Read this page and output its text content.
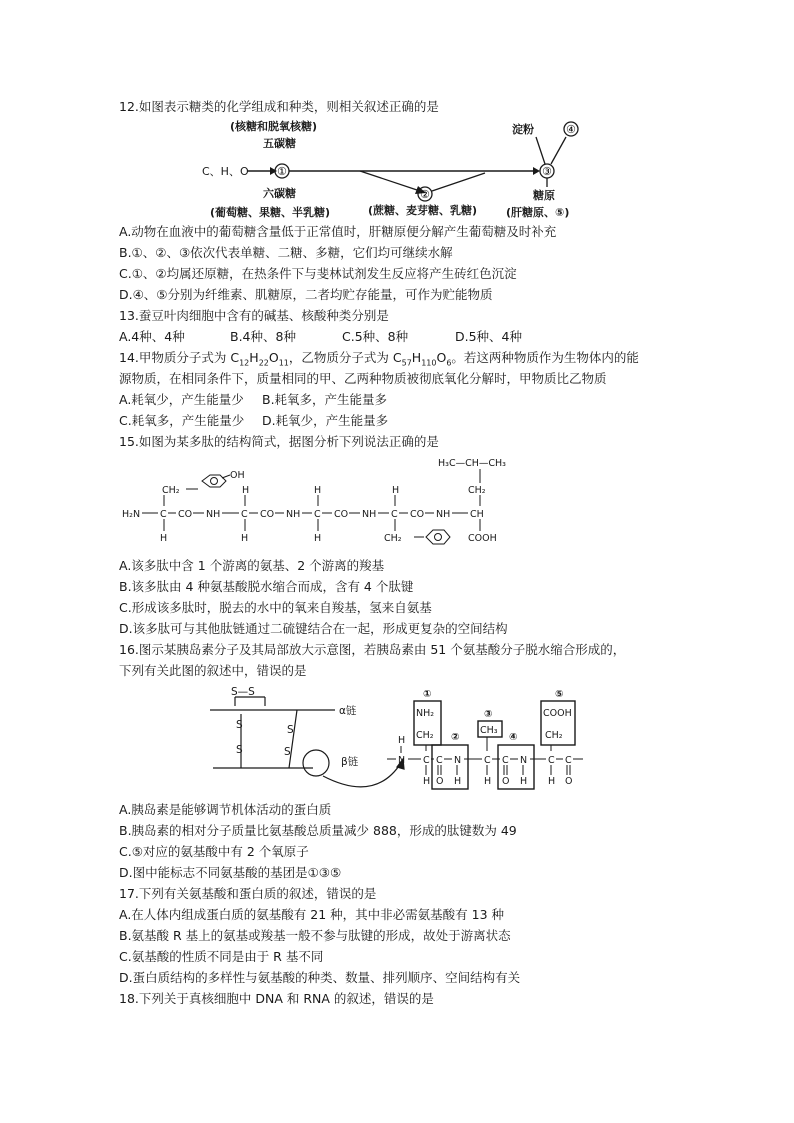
12.如图表示糖类的化学组成和种类，则相关叙述正确的是
(核糖和脱氧核糖)
五碳糖
C、H、O
六碳糖
(葡萄糖、果糖、半乳糖)	(蔗糖、麦芽糖、乳糖)
淀粉
糖原
(肝糖原、⑤)
①
②
③
④
A.动物在血液中的葡萄糖含量低于正常值时，肝糖原便分解产生葡萄糖及时补充
B.①、②、③依次代表单糖、二糖、多糖，它们均可继续水解
C.①、②均属还原糖，在热条件下与斐林试剂发生反应将产生砖红色沉淀
D.④、⑤分别为纤维素、肌糖原，二者均贮存能量，可作为贮能物质
13.蚕豆叶肉细胞中含有的碱基、核酸种类分别是
A.4种、4种	B.4种、8种	C.5种、8种	D.5种、4种
14.甲物质分子式为 $C_{12}H_{22}O_{11}$，乙物质分子式为 $C_{57}H_{110}O_6$。若这两种物质作为生物体内的能
源物质，在相同条件下，质量相同的甲、乙两种物质被彻底氧化分解时，甲物质比乙物质
A.耗氧少，产生能量少 B.耗氧多，产生能量多
C.耗氧多，产生能量少 D.耗氧少，产生能量多
15.如图为某多肽的结构简式，据图分析下列说法正确的是
H₃C—CH—CH₃
OH
CH₂	CH₂
H
H	H
H₂N C CO NH C CO NH C CO NH C CO NH CH
H	H	H	CH₂	COOH
A.该多肽中含 1 个游离的氨基、2 个游离的羧基
B.该多肽由 4 种氨基酸脱水缩合而成，含有 4 个肽键
C.形成该多肽时，脱去的水中的氧来自羧基，氢来自氨基
D.该多肽可与其他肽链通过二硫键结合在一起，形成更复杂的空间结构
16.图示某胰岛素分子及其局部放大示意图，若胰岛素由 51 个氨基酸分子脱水缩合形成的，
下列有关此图的叙述中，错误的是
S—S
S
S
S
S
α链
β链
①
②
③
④
⑤
NH₂
CH₂	CH₃
COOH
CH₂
H
N C
H
C
O
N
H
C
H
C
O
N
H
C
H
C
O
A.胰岛素是能够调节机体活动的蛋白质
B.胰岛素的相对分子质量比氨基酸总质量减少 888，形成的肽键数为 49
C.⑤对应的氨基酸中有 2 个氧原子
D.图中能标志不同氨基酸的基团是①③⑤
17.下列有关氨基酸和蛋白质的叙述，错误的是
A.在人体内组成蛋白质的氨基酸有 21 种，其中非必需氨基酸有 13 种
B.氨基酸 R 基上的氨基或羧基一般不参与肽键的形成，故处于游离状态
C.氨基酸的性质不同是由于 R 基不同
D.蛋白质结构的多样性与氨基酸的种类、数量、排列顺序、空间结构有关
18.下列关于真核细胞中 DNA 和 RNA 的叙述，错误的是
